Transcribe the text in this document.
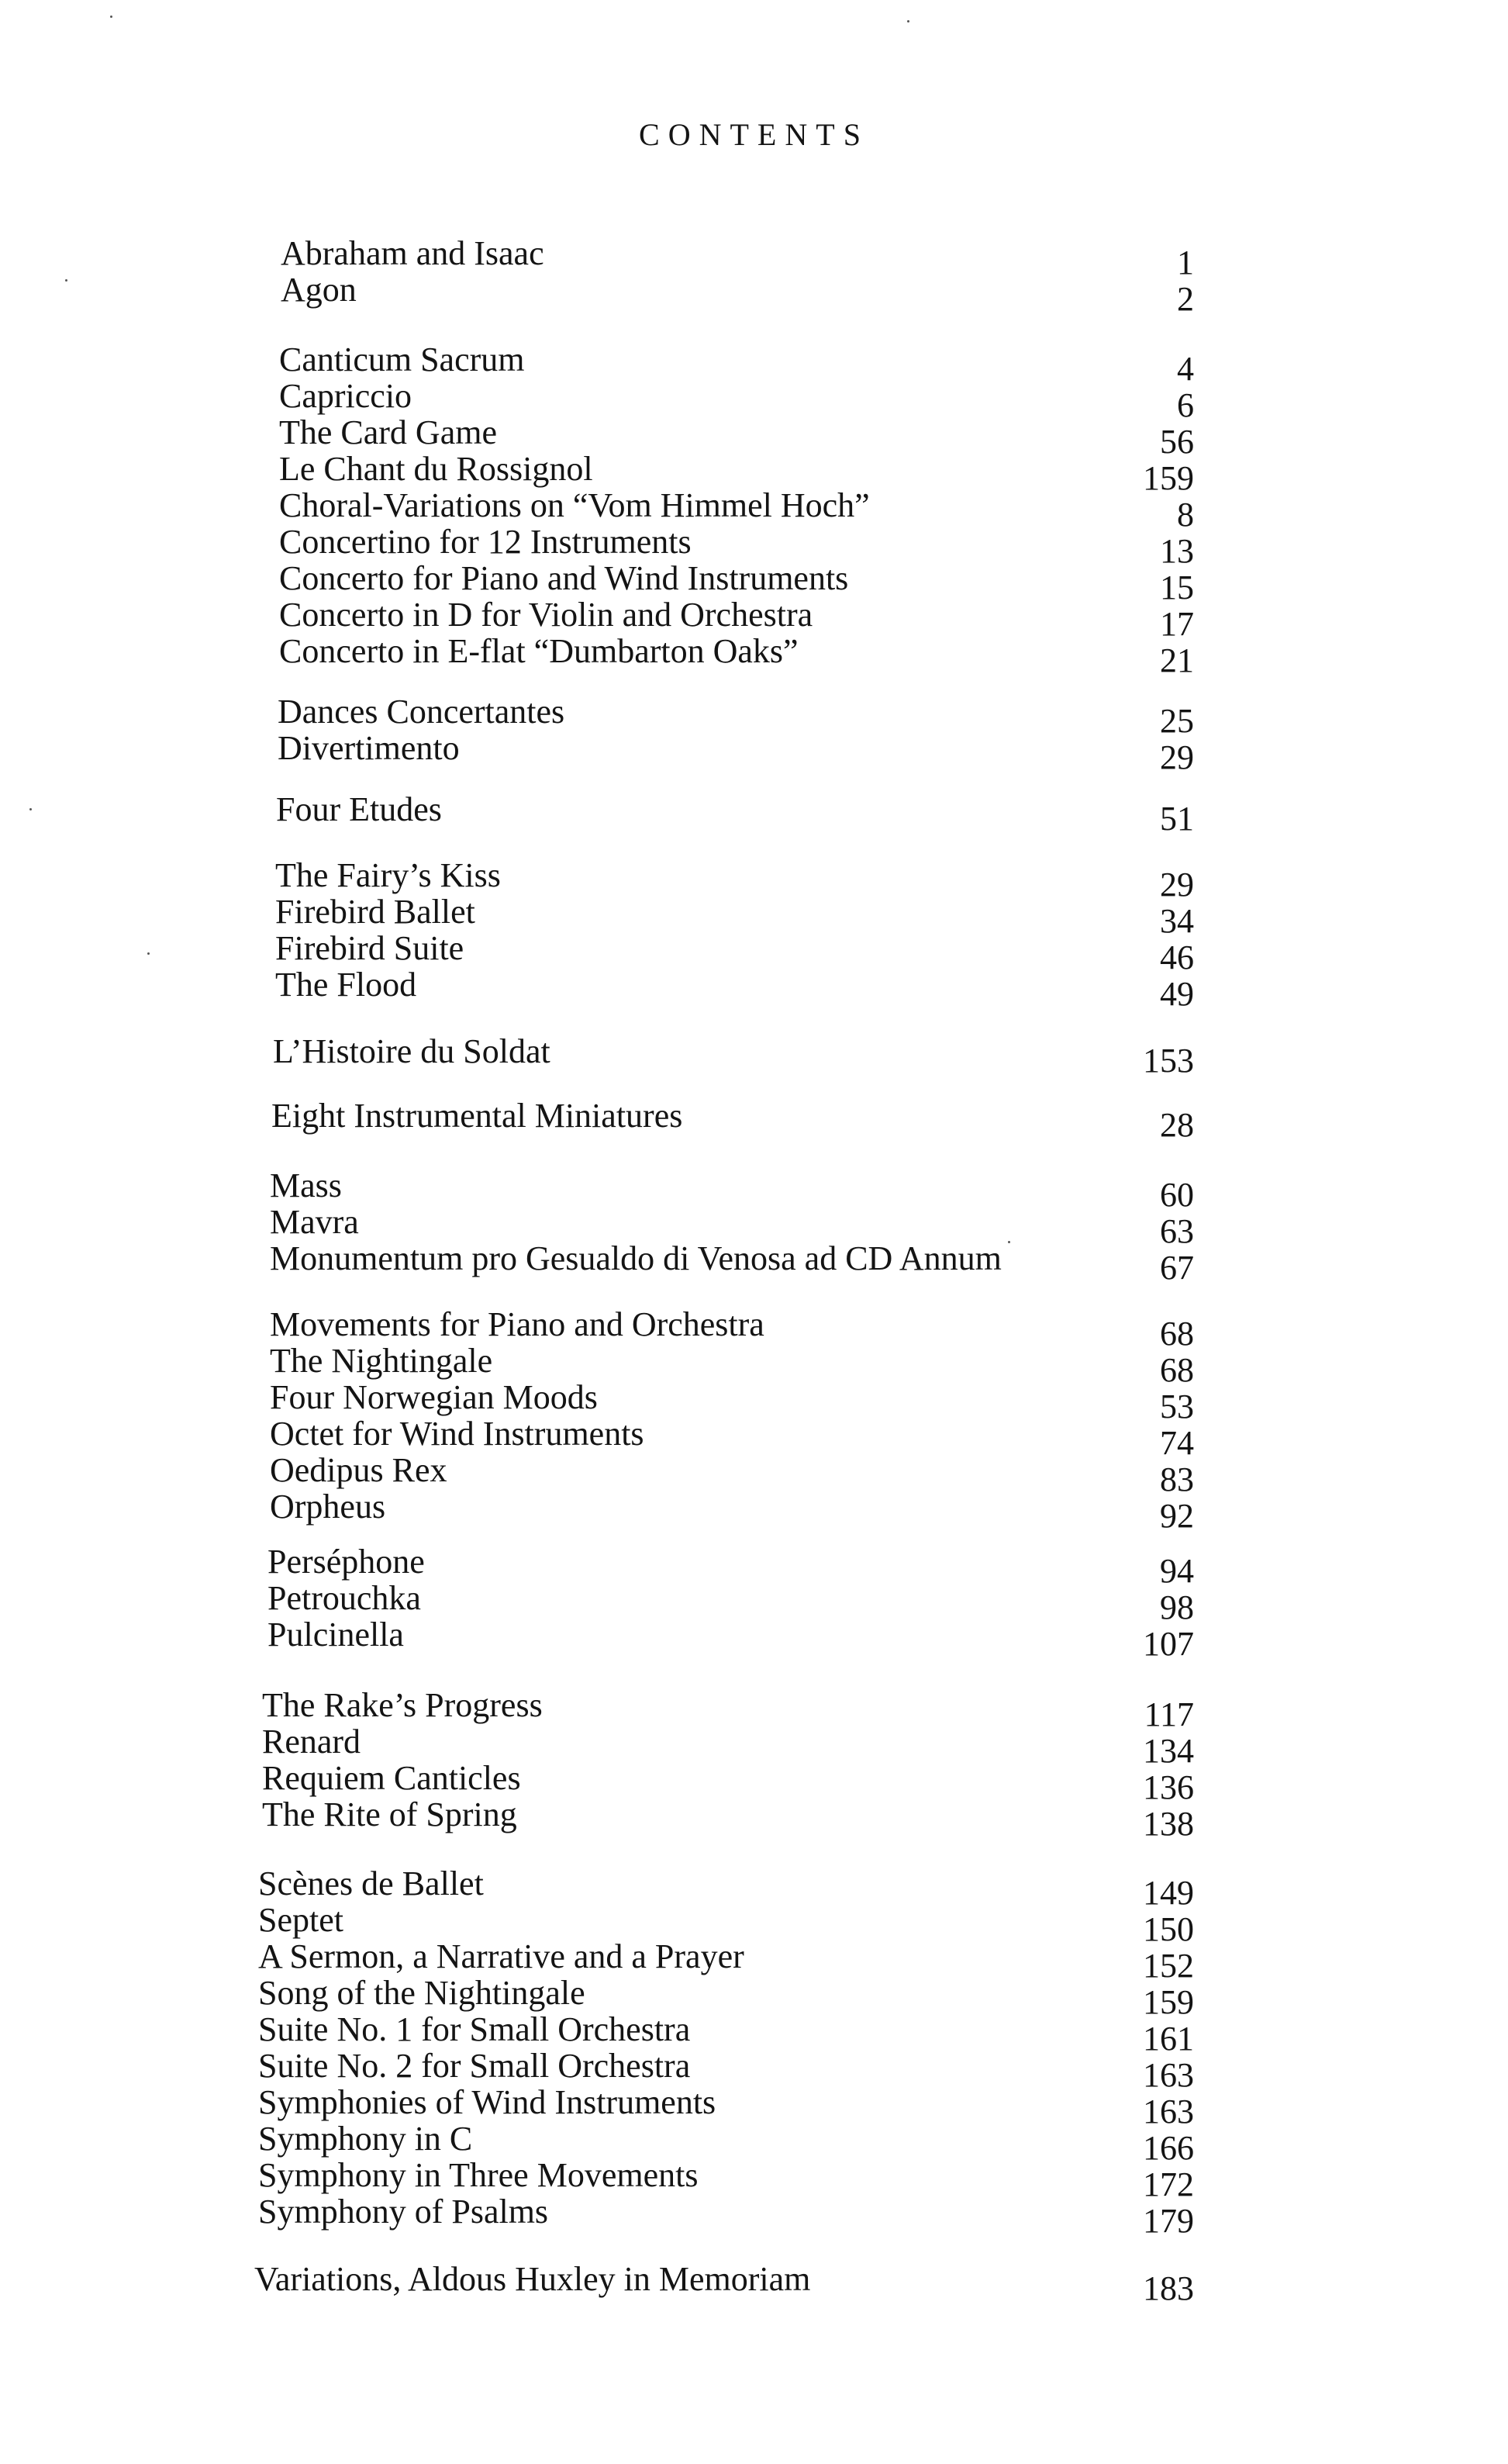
CONTENTS
Abraham and Isaac	1
Agon	2
Canticum Sacrum	4
Capriccio	6
The Card Game	56
Le Chant du Rossignol	159
Choral-Variations on “Vom Himmel Hoch”	8
Concertino for 12 Instruments	13
Concerto for Piano and Wind Instruments	15
Concerto in D for Violin and Orchestra	17
Concerto in E-flat “Dumbarton Oaks”	21
Dances Concertantes	25
Divertimento	29
Four Etudes	51
The Fairy’s Kiss	29
Firebird Ballet	34
Firebird Suite	46
The Flood	49
L’Histoire du Soldat	153
Eight Instrumental Miniatures	28
Mass	60
Mavra	63
Monumentum pro Gesualdo di Venosa ad CD Annum	67
Movements for Piano and Orchestra	68
The Nightingale	68
Four Norwegian Moods	53
Octet for Wind Instruments	74
Oedipus Rex	83
Orpheus	92
Perséphone	94
Petrouchka	98
Pulcinella	107
The Rake’s Progress	117
Renard	134
Requiem Canticles	136
The Rite of Spring	138
Scènes de Ballet	149
Septet	150
A Sermon, a Narrative and a Prayer	152
Song of the Nightingale	159
Suite No. 1 for Small Orchestra	161
Suite No. 2 for Small Orchestra	163
Symphonies of Wind Instruments	163
Symphony in C	166
Symphony in Three Movements	172
Symphony of Psalms	179
Variations, Aldous Huxley in Memoriam	183
